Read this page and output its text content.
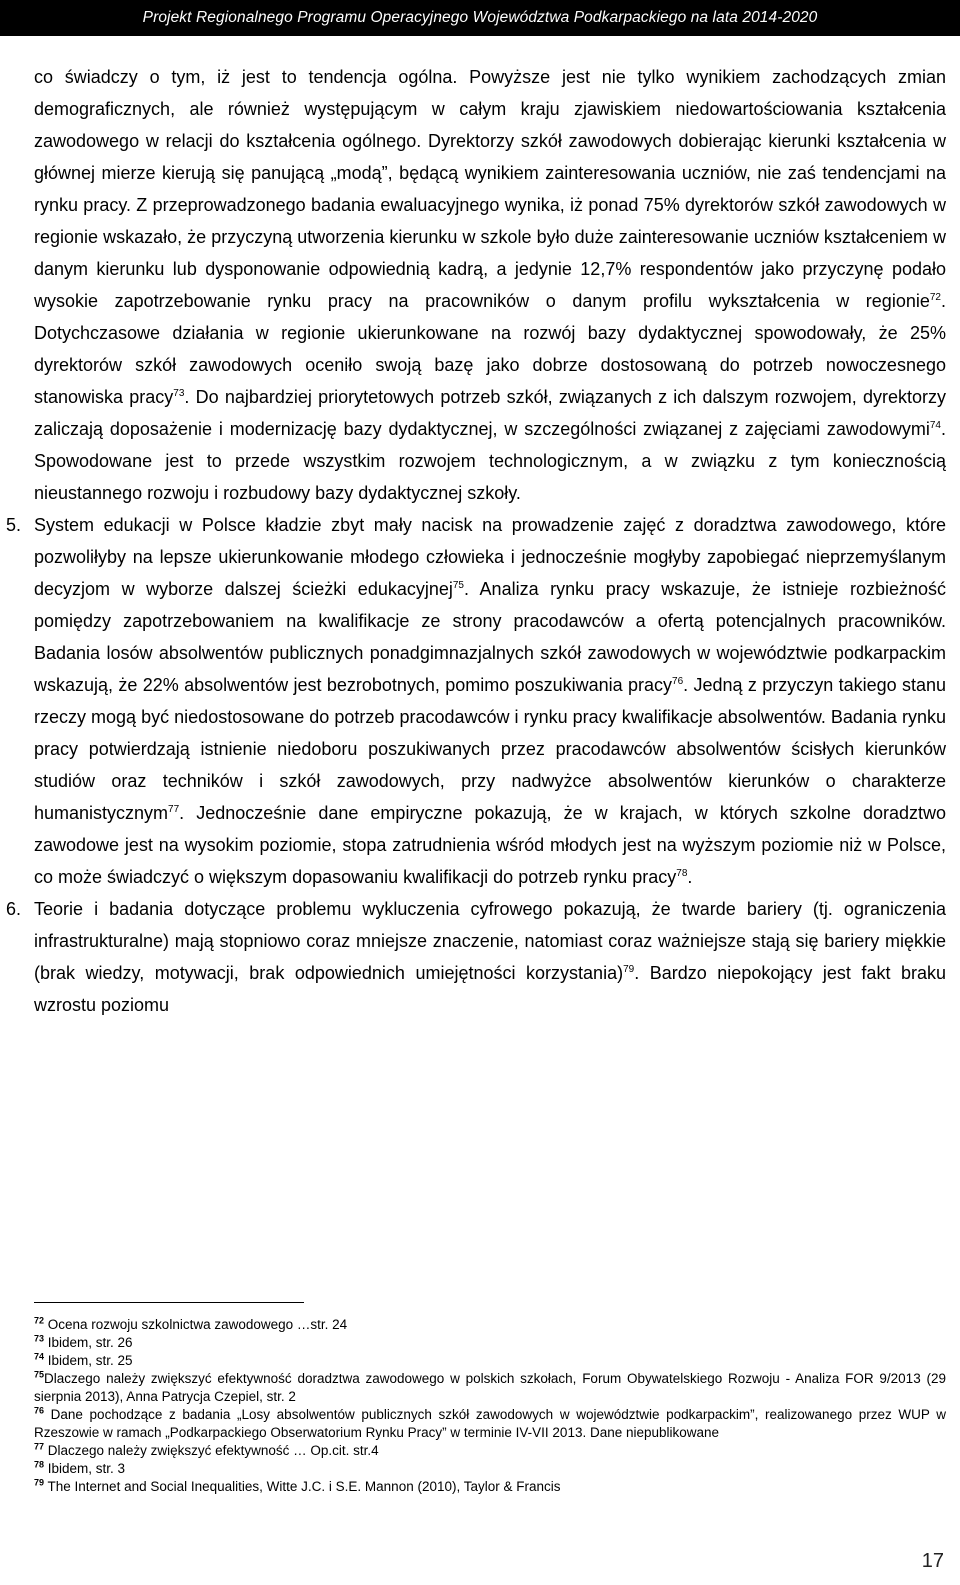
Projekt Regionalnego Programu Operacyjnego Województwa Podkarpackiego na lata 2014-2020

co świadczy o tym, iż jest to tendencja ogólna. Powyższe jest nie tylko wynikiem zachodzących zmian demograficznych, ale również występującym w całym kraju zjawiskiem niedowartościowania kształcenia zawodowego w relacji do kształcenia ogólnego. Dyrektorzy szkół zawodowych dobierając kierunki kształcenia w głównej mierze kierują się panującą „modą”, będącą wynikiem zainteresowania uczniów, nie zaś tendencjami na rynku pracy. Z przeprowadzonego badania ewaluacyjnego wynika, iż ponad 75% dyrektorów szkół zawodowych w regionie wskazało, że przyczyną utworzenia kierunku w szkole było duże zainteresowanie uczniów kształceniem w danym kierunku lub dysponowanie odpowiednią kadrą, a jedynie 12,7% respondentów jako przyczynę podało wysokie zapotrzebowanie rynku pracy na pracowników o danym profilu wykształcenia w regionie$^{72}$. Dotychczasowe działania w regionie ukierunkowane na rozwój bazy dydaktycznej spowodowały, że 25% dyrektorów szkół zawodowych oceniło swoją bazę jako dobrze dostosowaną do potrzeb nowoczesnego stanowiska pracy$^{73}$. Do najbardziej priorytetowych potrzeb szkół, związanych z ich dalszym rozwojem, dyrektorzy zaliczają doposażenie i modernizację bazy dydaktycznej, w szczególności związanej z zajęciami zawodowymi$^{74}$. Spowodowane jest to przede wszystkim rozwojem technologicznym, a w związku z tym koniecznością nieustannego rozwoju i rozbudowy bazy dydaktycznej szkoły.

5. System edukacji w Polsce kładzie zbyt mały nacisk na prowadzenie zajęć z doradztwa zawodowego, które pozwoliłyby na lepsze ukierunkowanie młodego człowieka i jednocześnie mogłyby zapobiegać nieprzemyślanym decyzjom w wyborze dalszej ścieżki edukacyjnej$^{75}$. Analiza rynku pracy wskazuje, że istnieje rozbieżność pomiędzy zapotrzebowaniem na kwalifikacje ze strony pracodawców a ofertą potencjalnych pracowników. Badania losów absolwentów publicznych ponadgimnazjalnych szkół zawodowych w województwie podkarpackim wskazują, że 22% absolwentów jest bezrobotnych, pomimo poszukiwania pracy$^{76}$. Jedną z przyczyn takiego stanu rzeczy mogą być niedostosowane do potrzeb pracodawców i rynku pracy kwalifikacje absolwentów. Badania rynku pracy potwierdzają istnienie niedoboru poszukiwanych przez pracodawców absolwentów ścisłych kierunków studiów oraz techników i szkół zawodowych, przy nadwyżce absolwentów kierunków o charakterze humanistycznym$^{77}$. Jednocześnie dane empiryczne pokazują, że w krajach, w których szkolne doradztwo zawodowe jest na wysokim poziomie, stopa zatrudnienia wśród młodych jest na wyższym poziomie niż w Polsce, co może świadczyć o większym dopasowaniu kwalifikacji do potrzeb rynku pracy$^{78}$.

6. Teorie i badania dotyczące problemu wykluczenia cyfrowego pokazują, że twarde bariery (tj. ograniczenia infrastrukturalne) mają stopniowo coraz mniejsze znaczenie, natomiast coraz ważniejsze stają się bariery miękkie (brak wiedzy, motywacji, brak odpowiednich umiejętności korzystania)$^{79}$. Bardzo niepokojący jest fakt braku wzrostu poziomu

$^{72}$ Ocena rozwoju szkolnictwa zawodowego …str. 24

$^{73}$ Ibidem, str. 26

$^{74}$ Ibidem, str. 25

$^{75}$Dlaczego należy zwiększyć efektywność doradztwa zawodowego w polskich szkołach, Forum Obywatelskiego Rozwoju - Analiza FOR 9/2013 (29 sierpnia 2013), Anna Patrycja Czepiel, str. 2

$^{76}$ Dane pochodzące z badania „Losy absolwentów publicznych szkół zawodowych w województwie podkarpackim”, realizowanego przez WUP w Rzeszowie w ramach „Podkarpackiego Obserwatorium Rynku Pracy” w terminie IV-VII 2013. Dane niepublikowane

$^{77}$ Dlaczego należy zwiększyć efektywność … Op.cit. str.4

$^{78}$ Ibidem, str. 3

$^{79}$ The Internet and Social Inequalities, Witte J.C. i S.E. Mannon (2010), Taylor & Francis

17
